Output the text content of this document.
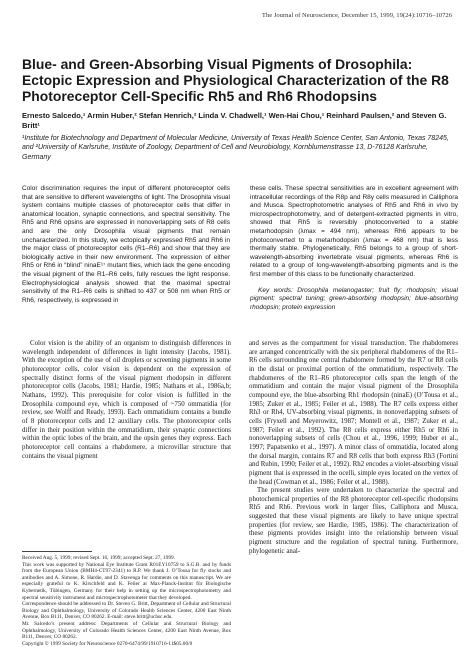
The Journal of Neuroscience, December 15, 1999, 19(24):10716–10726
Blue- and Green-Absorbing Visual Pigments of Drosophila: Ectopic Expression and Physiological Characterization of the R8 Photoreceptor Cell-Specific Rh5 and Rh6 Rhodopsins
Ernesto Salcedo,¹ Armin Huber,² Stefan Henrich,² Linda V. Chadwell,¹ Wen-Hai Chou,¹ Reinhard Paulsen,² and Steven G. Britt¹
¹Institute for Biotechnology and Department of Molecular Medicine, University of Texas Health Science Center, San Antonio, Texas 78245, and ²University of Karlsruhe, Institute of Zoology, Department of Cell and Neurobiology, Kornblumenstrasse 13, D-76128 Karlsruhe, Germany
Color discrimination requires the input of different photoreceptor cells that are sensitive to different wavelengths of light. The Drosophila visual system contains multiple classes of photoreceptor cells that differ in anatomical location, synaptic connections, and spectral sensitivity. The Rh5 and Rh6 opsins are expressed in nonoverlapping sets of R8 cells and are the only Drosophila visual pigments that remain uncharacterized. In this study, we ectopically expressed Rh5 and Rh6 in the major class of photoreceptor cells (R1–R6) and show that they are biologically active in their new environment. The expression of either Rh5 or Rh6 in “blind” ninaE¹⁷ mutant flies, which lack the gene encoding the visual pigment of the R1–R6 cells, fully rescues the light response. Electrophysiological analysis showed that the maximal spectral sensitivity of the R1–R6 cells is shifted to 437 or 508 nm when Rh5 or Rh6, respectively, is expressed in
these cells. These spectral sensitivities are in excellent agreement with intracellular recordings of the R8p and R8y cells measured in Calliphora and Musca. Spectrophotometric analyses of Rh5 and Rh6 in vivo by microspectrophotometry, and of detergent-extracted pigments in vitro, showed that Rh5 is reversibly photoconverted to a stable metarhodopsin (λmax = 494 nm), whereas Rh6 appears to be photoconverted to a metarhodopsin (λmax = 468 nm) that is less thermally stable. Phylogenetically, Rh5 belongs to a group of short-wavelength-absorbing invertebrate visual pigments, whereas Rh6 is related to a group of long-wavelength-absorbing pigments and is the first member of this class to be functionally characterized.
Key words: Drosophila melanogaster; fruit fly; rhodopsin; visual pigment; spectral tuning; green-absorbing rhodopsin; blue-absorbing rhodopsin; protein expression

Color vision is the ability of an organism to distinguish differences in wavelength independent of differences in light intensity (Jacobs, 1981). With the exception of the use of oil droplets or screening pigments in some photoreceptor cells, color vision is dependent on the expression of spectrally distinct forms of the visual pigment rhodopsin in different photoreceptor cells (Jacobs, 1981; Hardie, 1985; Nathans et al., 1986a,b; Nathans, 1992). This prerequisite for color vision is fulfilled in the Drosophila compound eye, which is composed of ~750 ommatidia (for review, see Wolff and Ready, 1993). Each ommatidium contains a bundle of 8 photoreceptor cells and 12 auxiliary cells. The photoreceptor cells differ in their position within the ommatidium, their synaptic connections within the optic lobes of the brain, and the opsin genes they express. Each photoreceptor cell contains a rhabdomere, a microvillar structure that contains the visual pigment

and serves as the compartment for visual transduction. The rhabdomeres are arranged concentrically with the six peripheral rhabdomeres of the R1–R6 cells surrounding one central rhabdomere formed by the R7 or R8 cells in the distal or proximal portion of the ommatidium, respectively. The rhabdomeres of the R1–R6 photoreceptor cells span the length of the ommatidium and contain the major visual pigment of the Drosophila compound eye, the blue-absorbing Rh1 rhodopsin (ninaE) (O’Tousa et al., 1985; Zuker et al., 1985; Feiler et al., 1988). The R7 cells express either Rh3 or Rh4, UV-absorbing visual pigments, in nonoverlapping subsets of cells (Fryxell and Meyerowitz, 1987; Montell et al., 1987; Zuker et al., 1987; Feiler et al., 1992). The R8 cells express either Rh5 or Rh6 in nonoverlapping subsets of cells (Chou et al., 1996, 1999; Huber et al., 1997; Papatsenko et al., 1997). A minor class of ommatidia, located along the dorsal margin, contains R7 and R8 cells that both express Rh3 (Fortini and Rubin, 1990; Feiler et al., 1992). Rh2 encodes a violet-absorbing visual pigment that is expressed in the ocelli, simple eyes located on the vertex of the head (Cowman et al., 1986; Feiler et al., 1988).

The present studies were undertaken to characterize the spectral and photochemical properties of the R8 photoreceptor cell-specific rhodopsins Rh5 and Rh6. Previous work in larger flies, Calliphora and Musca, suggested that these visual pigments are likely to have unique spectral properties (for review, see Hardie, 1985, 1986). The characterization of these pigments provides insight into the relationship between visual pigment structure and the regulation of spectral tuning. Furthermore, phylogenetic anal-

Received Aug. 5, 1999; revised Sept. 16, 1999; accepted Sept. 27, 1999.
This work was supported by National Eye Institute Grant R01EY10759 to S.G.B. and by funds from the European Union (BMH4-CT97-2341) to R.P. We thank J. O’Tousa for fly stocks and antibodies and A. Simone, R. Hardie, and D. Stavenga for comments on this manuscript. We are especially grateful to K. Kirschfeld and K. Feiler at Max-Planck-Institut für Biologische Kybernetik, Tübingen, Germany for their help in setting up the microspectrophotometry and spectral sensitivity instrument and microspectrophotometer that they developed.
Correspondence should be addressed to Dr. Steven G. Britt, Department of Cellular and Structural Biology and Ophthalmology, University of Colorado Health Sciences Center, 4200 East Ninth Avenue, Box B111, Denver, CO 80262. E-mail: steve.britt@uchsc.edu.
Mr. Salcedo’s present address: Departments of Cellular and Structural Biology and Ophthalmology, University of Colorado Health Sciences Center, 4200 East Ninth Avenue, Box B111, Denver, CO 80262.
Copyright © 1999 Society for Neuroscience 0270-6474/99/1910716-11$05.00/0
